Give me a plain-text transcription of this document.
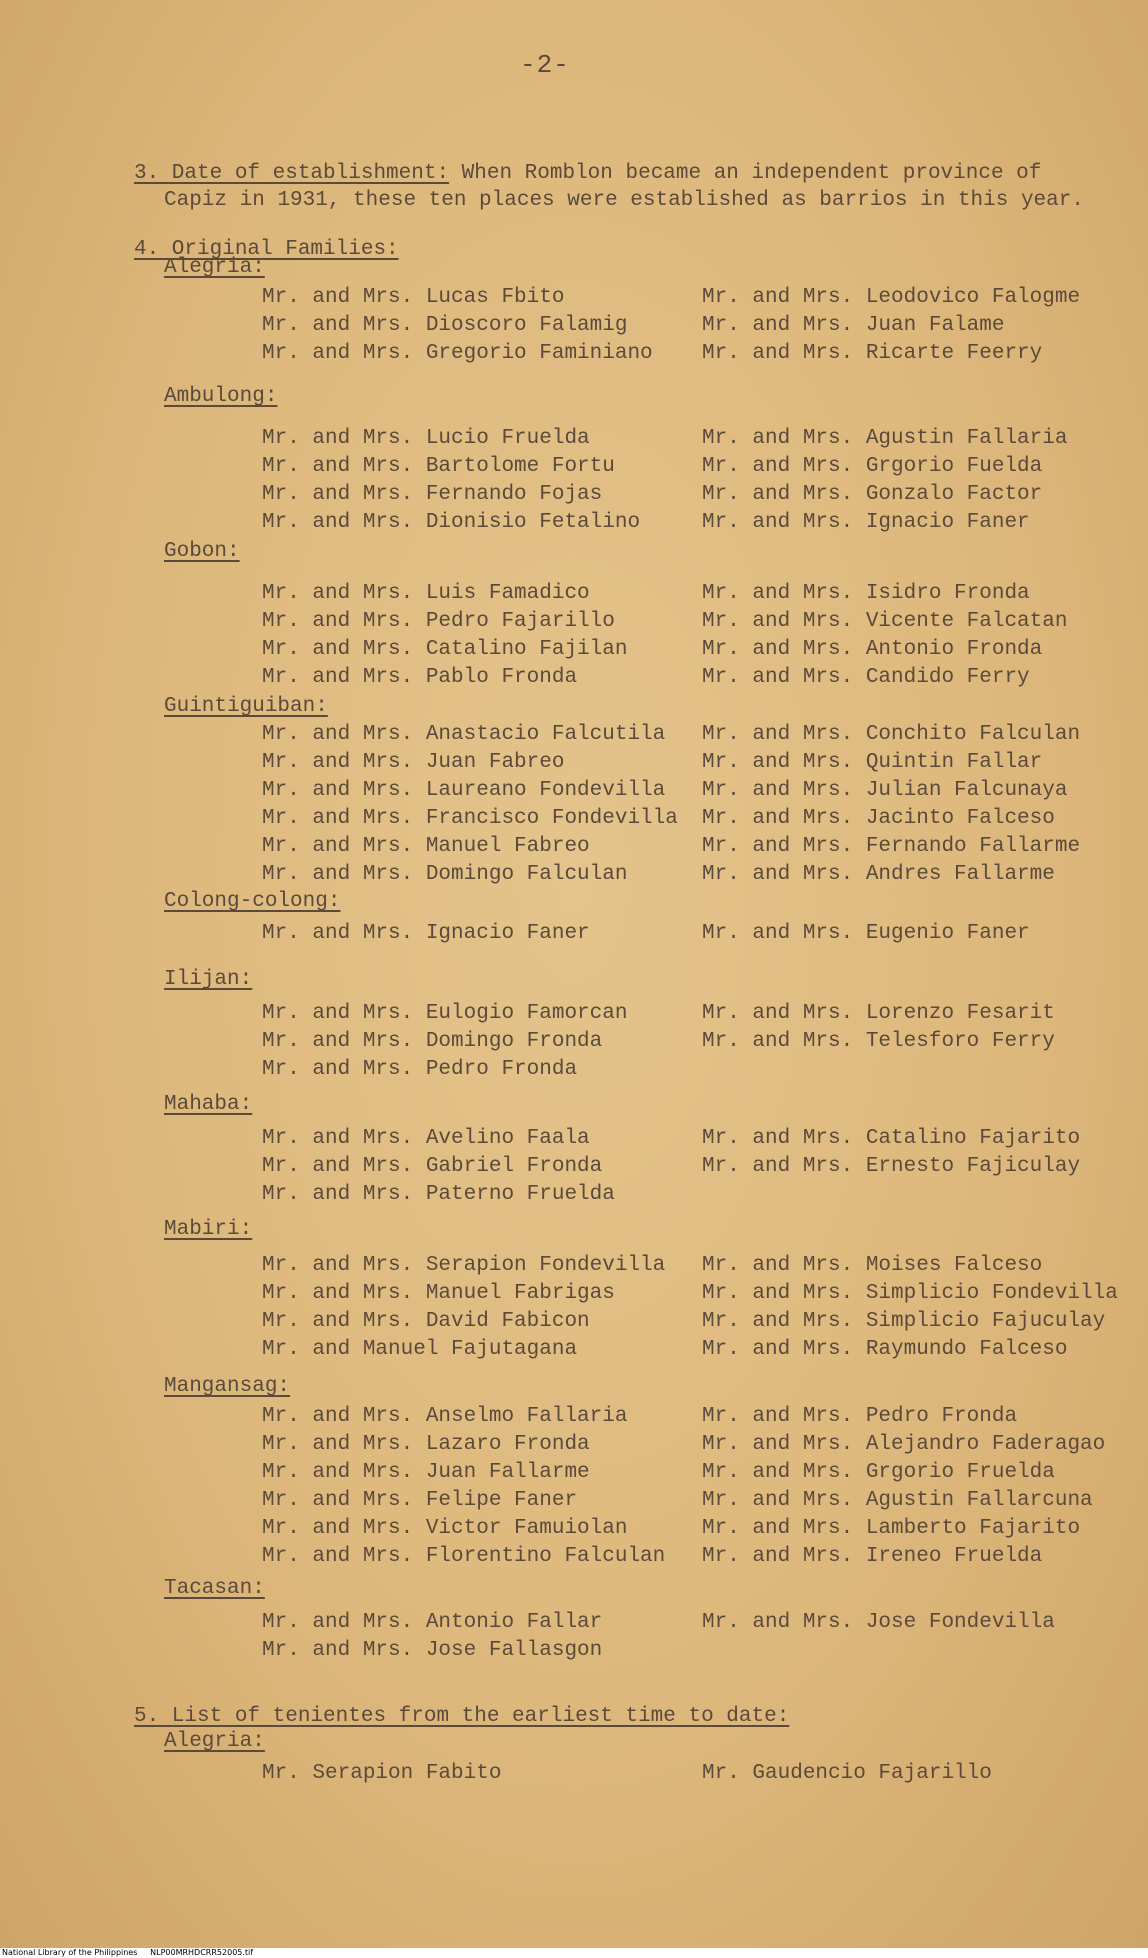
-2-
3. Date of establishment: When Romblon became an independent province of
Capiz in 1931, these ten places were established as barrios in this year.
4. Original Families:
Alegria:
Mr. and Mrs. Lucas Fbito
Mr. and Mrs. Dioscoro Falamig
Mr. and Mrs. Gregorio Faminiano
Mr. and Mrs. Leodovico Falogme
Mr. and Mrs. Juan Falame
Mr. and Mrs. Ricarte Feerry
Ambulong:
Mr. and Mrs. Lucio Fruelda
Mr. and Mrs. Bartolome Fortu
Mr. and Mrs. Fernando Fojas
Mr. and Mrs. Dionisio Fetalino
Mr. and Mrs. Agustin Fallaria
Mr. and Mrs. Grgorio Fuelda
Mr. and Mrs. Gonzalo Factor
Mr. and Mrs. Ignacio Faner
Gobon:
Mr. and Mrs. Luis Famadico
Mr. and Mrs. Pedro Fajarillo
Mr. and Mrs. Catalino Fajilan
Mr. and Mrs. Pablo Fronda
Mr. and Mrs. Isidro Fronda
Mr. and Mrs. Vicente Falcatan
Mr. and Mrs. Antonio Fronda
Mr. and Mrs. Candido Ferry
Guintiguiban:
Mr. and Mrs. Anastacio Falcutila
Mr. and Mrs. Juan Fabreo
Mr. and Mrs. Laureano Fondevilla
Mr. and Mrs. Francisco Fondevilla
Mr. and Mrs. Manuel Fabreo
Mr. and Mrs. Domingo Falculan
Mr. and Mrs. Conchito Falculan
Mr. and Mrs. Quintin Fallar
Mr. and Mrs. Julian Falcunaya
Mr. and Mrs. Jacinto Falceso
Mr. and Mrs. Fernando Fallarme
Mr. and Mrs. Andres Fallarme
Colong-colong:
Mr. and Mrs. Ignacio Faner	Mr. and Mrs. Eugenio Faner
Ilijan:
Mr. and Mrs. Eulogio Famorcan
Mr. and Mrs. Domingo Fronda
Mr. and Mrs. Pedro Fronda
Mr. and Mrs. Lorenzo Fesarit
Mr. and Mrs. Telesforo Ferry
Mahaba:
Mr. and Mrs. Avelino Faala
Mr. and Mrs. Gabriel Fronda
Mr. and Mrs. Paterno Fruelda
Mr. and Mrs. Catalino Fajarito
Mr. and Mrs. Ernesto Fajiculay
Mabiri:
Mr. and Mrs. Serapion Fondevilla
Mr. and Mrs. Manuel Fabrigas
Mr. and Mrs. David Fabicon
Mr. and Manuel Fajutagana
Mr. and Mrs. Moises Falceso
Mr. and Mrs. Simplicio Fondevilla
Mr. and Mrs. Simplicio Fajuculay
Mr. and Mrs. Raymundo Falceso
Mangansag:
Mr. and Mrs. Anselmo Fallaria
Mr. and Mrs. Lazaro Fronda
Mr. and Mrs. Juan Fallarme
Mr. and Mrs. Felipe Faner
Mr. and Mrs. Victor Famuiolan
Mr. and Mrs. Florentino Falculan
Mr. and Mrs. Pedro Fronda
Mr. and Mrs. Alejandro Faderagao
Mr. and Mrs. Grgorio Fruelda
Mr. and Mrs. Agustin Fallarcuna
Mr. and Mrs. Lamberto Fajarito
Mr. and Mrs. Ireneo Fruelda
Tacasan:
Mr. and Mrs. Antonio Fallar
Mr. and Mrs. Jose Fallasgon
Mr. and Mrs. Jose Fondevilla
5. List of tenientes from the earliest time to date:
Alegria:
Mr. Serapion Fabito	Mr. Gaudencio Fajarillo
National Library of the Philippines     NLP00MRHDCRR52005.tif
